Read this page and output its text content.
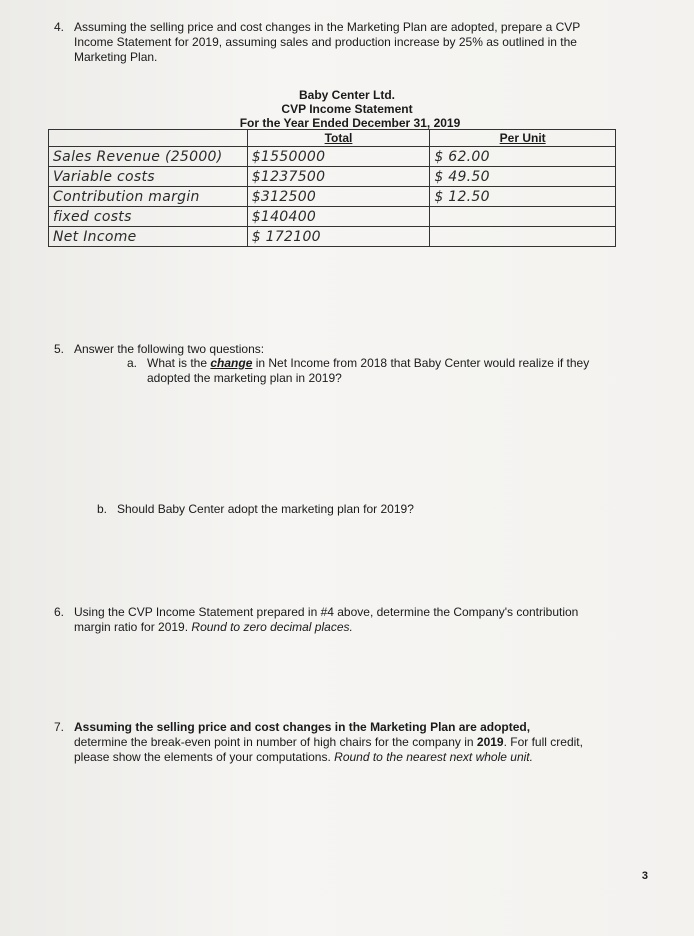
4. Assuming the selling price and cost changes in the Marketing Plan are adopted, prepare a CVP
Income Statement for 2019, assuming sales and production increase by 25% as outlined in the
Marketing Plan.
Baby Center Ltd.
CVP Income Statement
For the Year Ended December 31, 2019
	Total	Per Unit
Sales Revenue (25000)	$1550000	$ 62.00
Variable costs	$1237500	$ 49.50
Contribution margin	$312500	$ 12.50
fixed costs	$140400	
Net Income	$ 172100	
5. Answer the following two questions:
a. What is the change in Net Income from 2018 that Baby Center would realize if they
adopted the marketing plan in 2019?
b. Should Baby Center adopt the marketing plan for 2019?
6. Using the CVP Income Statement prepared in #4 above, determine the Company's contribution
margin ratio for 2019. Round to zero decimal places.
7. Assuming the selling price and cost changes in the Marketing Plan are adopted,
determine the break-even point in number of high chairs for the company in 2019. For full credit,
please show the elements of your computations. Round to the nearest next whole unit.
3
